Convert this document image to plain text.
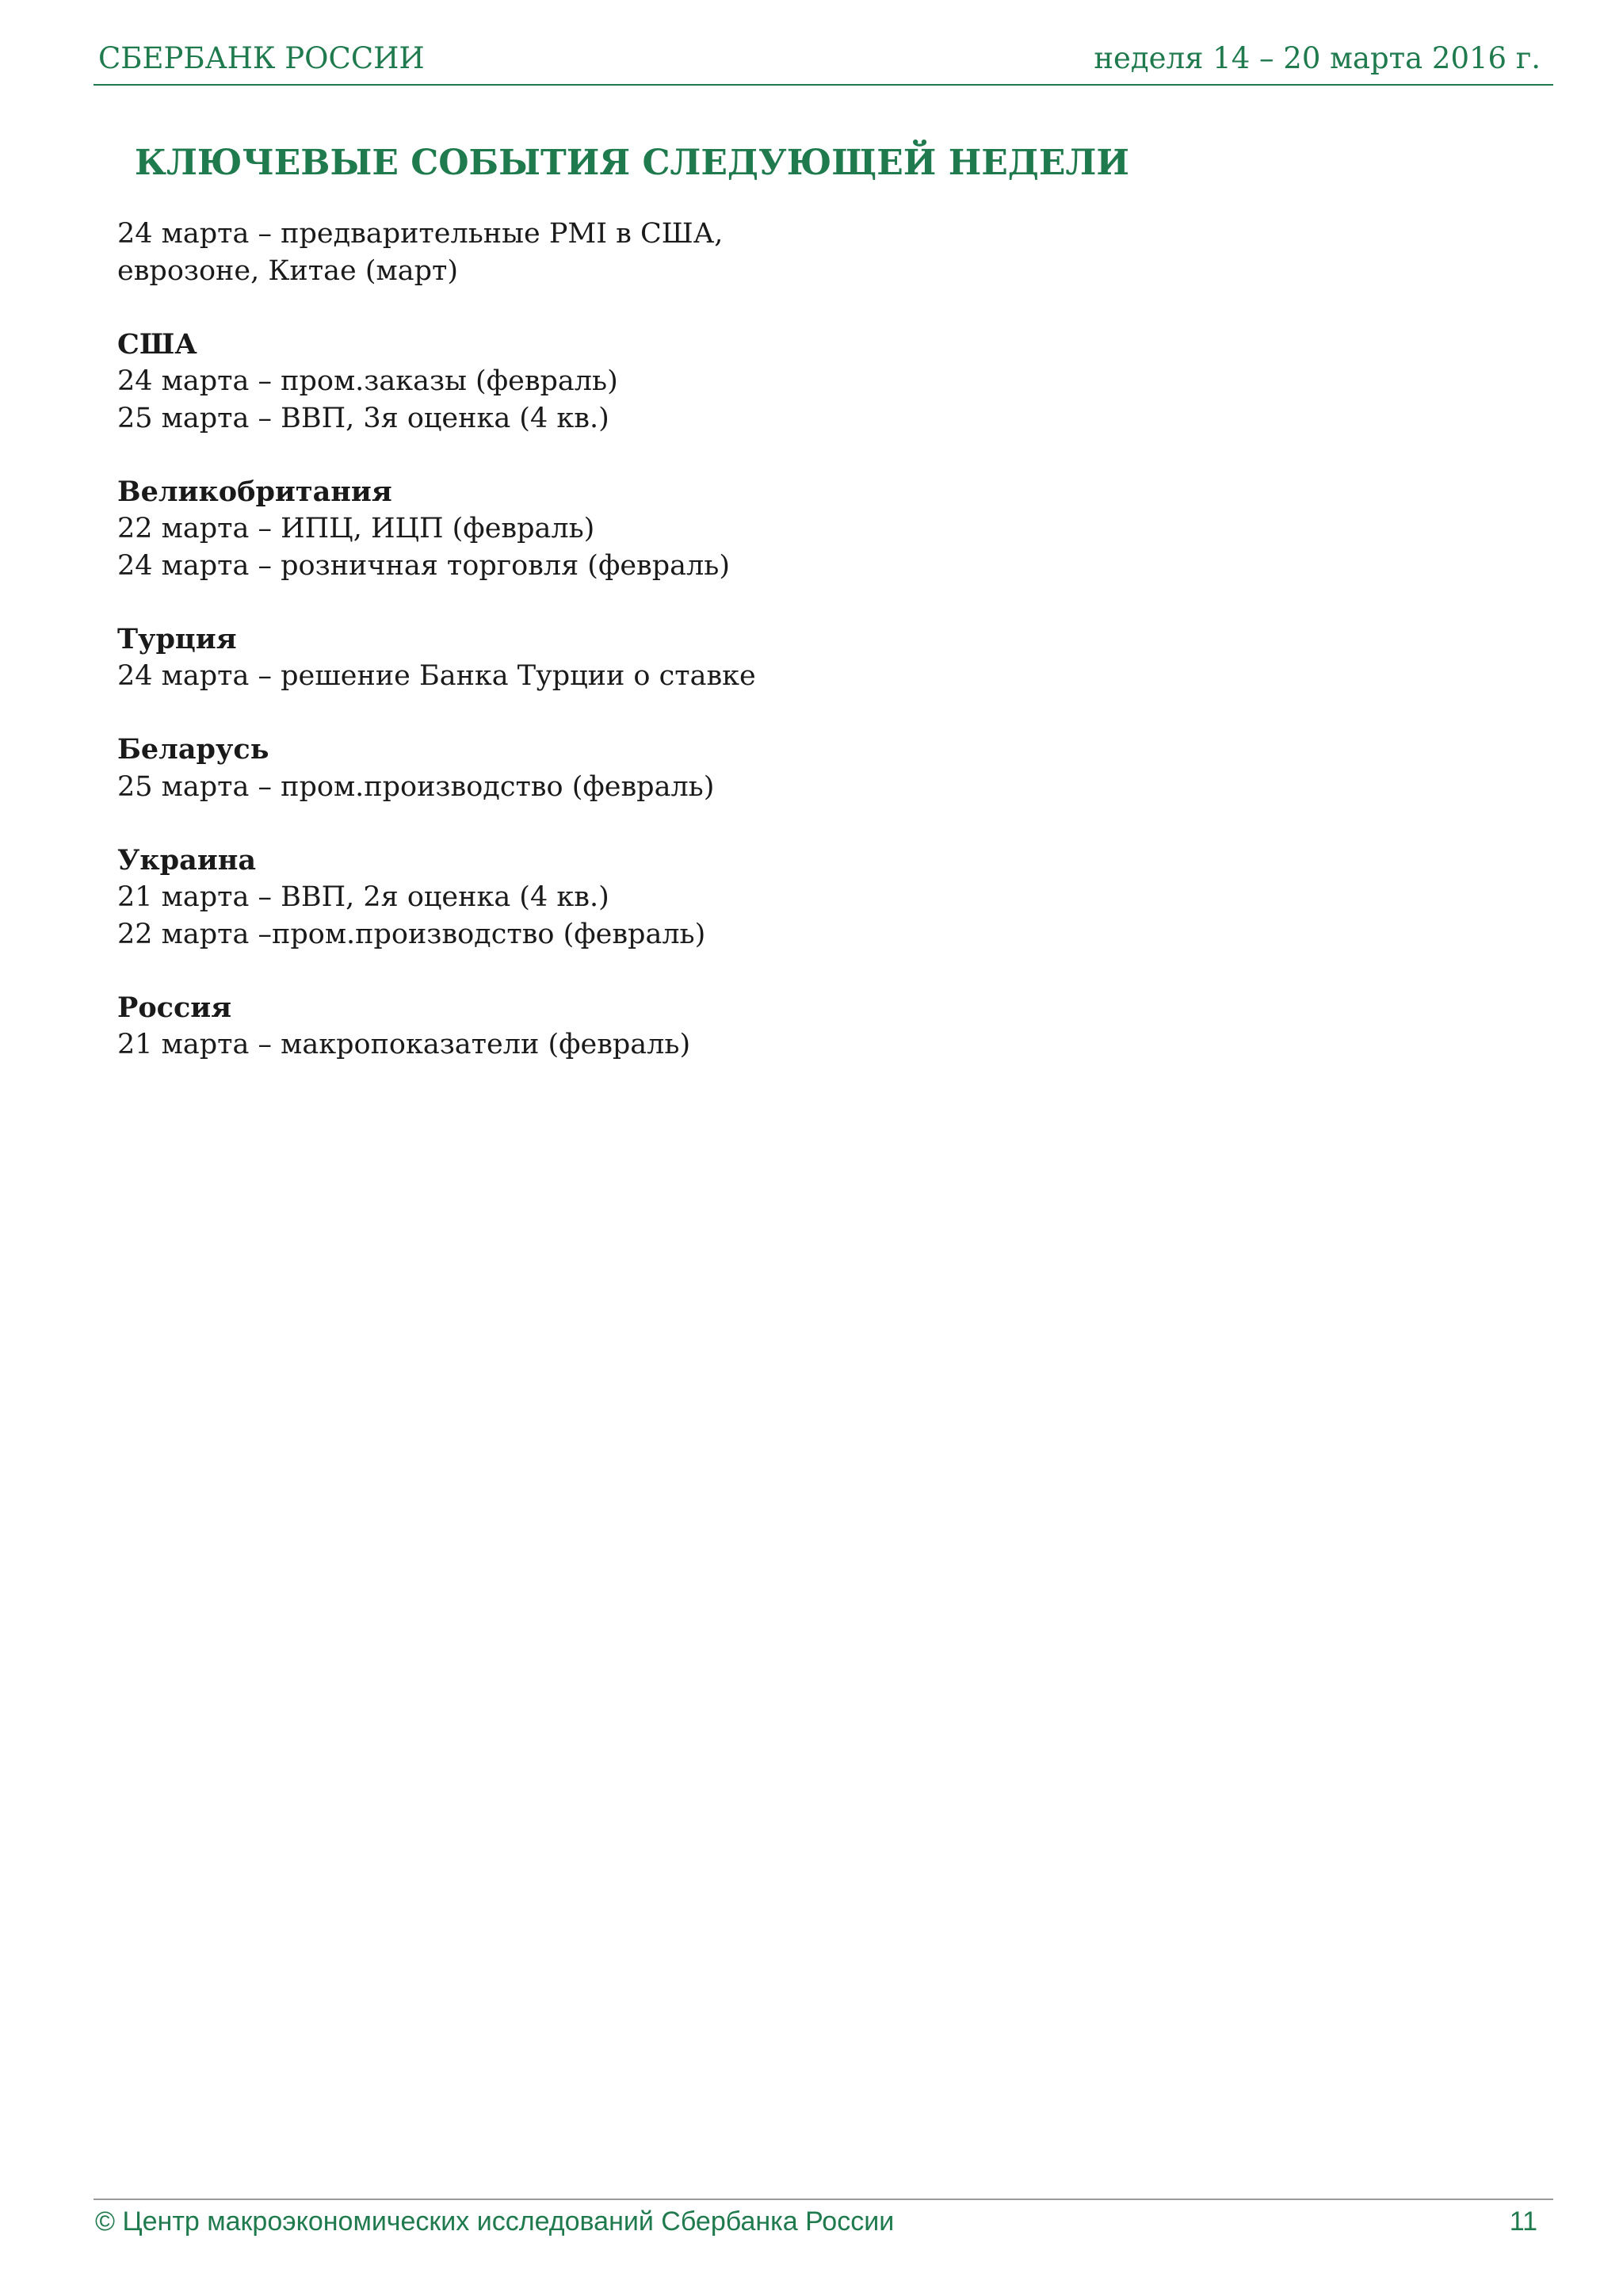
СБЕРБАНК РОССИИ	неделя 14 – 20 марта 2016 г.
КЛЮЧЕВЫЕ СОБЫТИЯ СЛЕДУЮЩЕЙ НЕДЕЛИ
24 марта – предварительные PMI в США,
еврозоне, Китае (март)
США
24 марта – пром.заказы (февраль)
25 марта – ВВП, 3я оценка (4 кв.)
Великобритания
22 марта – ИПЦ, ИЦП (февраль)
24 марта – розничная торговля (февраль)
Турция
24 марта – решение Банка Турции о ставке
Беларусь
25 марта – пром.производство (февраль)
Украина
21 марта – ВВП, 2я оценка (4 кв.)
22 марта –пром.производство (февраль)
Россия
21 марта – макропоказатели (февраль)
© Центр макроэкономических исследований Сбербанка России	11
